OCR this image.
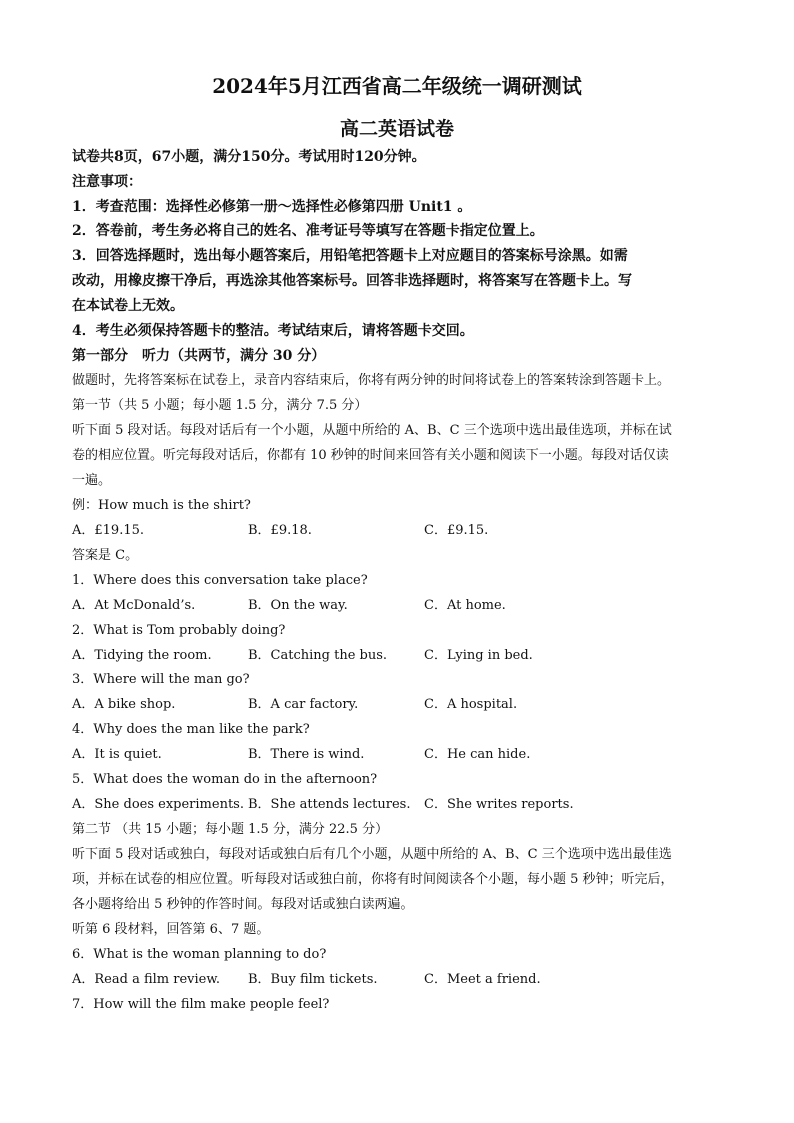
2024年5月江西省高二年级统一调研测试
高二英语试卷
试卷共8页，67小题，满分150分。考试用时120分钟。
注意事项：
1．考查范围：选择性必修第一册～选择性必修第四册 Unit1 。
2．答卷前，考生务必将自己的姓名、准考证号等填写在答题卡指定位置上。
3．回答选择题时，选出每小题答案后，用铅笔把答题卡上对应题目的答案标号涂黑。如需
改动，用橡皮擦干净后，再选涂其他答案标号。回答非选择题时，将答案写在答题卡上。写
在本试卷上无效。
4．考生必须保持答题卡的整洁。考试结束后，请将答题卡交回。
第一部分　听力（共两节，满分 30 分）
做题时，先将答案标在试卷上，录音内容结束后，你将有两分钟的时间将试卷上的答案转涂到答题卡上。
第一节（共 5 小题；每小题 1.5 分，满分 7.5 分）
听下面 5 段对话。每段对话后有一个小题，从题中所给的 A、B、C 三个选项中选出最佳选项，并标在试
卷的相应位置。听完每段对话后，你都有 10 秒钟的时间来回答有关小题和阅读下一小题。每段对话仅读
一遍。
例：How much is the shirt?
A．£19.15.	B．£9.18.	C．£9.15.
答案是 C。
1．Where does this conversation take place?
A．At McDonald’s.	B．On the way.	C．At home.
2．What is Tom probably doing?
A．Tidying the room.	B．Catching the bus.	C．Lying in bed.
3．Where will the man go?
A．A bike shop.	B．A car factory.	C．A hospital.
4．Why does the man like the park?
A．It is quiet.	B．There is wind.	C．He can hide.
5．What does the woman do in the afternoon?
A．She does experiments. B．She attends lectures. C．She writes reports.
第二节 （共 15 小题；每小题 1.5 分，满分 22.5 分）
听下面 5 段对话或独白，每段对话或独白后有几个小题，从题中所给的 A、B、C 三个选项中选出最佳选
项，并标在试卷的相应位置。听每段对话或独白前，你将有时间阅读各个小题，每小题 5 秒钟；听完后，
各小题将给出 5 秒钟的作答时间。每段对话或独白读两遍。
听第 6 段材料，回答第 6、7 题。
6．What is the woman planning to do?
A．Read a film review. B．Buy film tickets.	C．Meet a friend.
7．How will the film make people feel?
